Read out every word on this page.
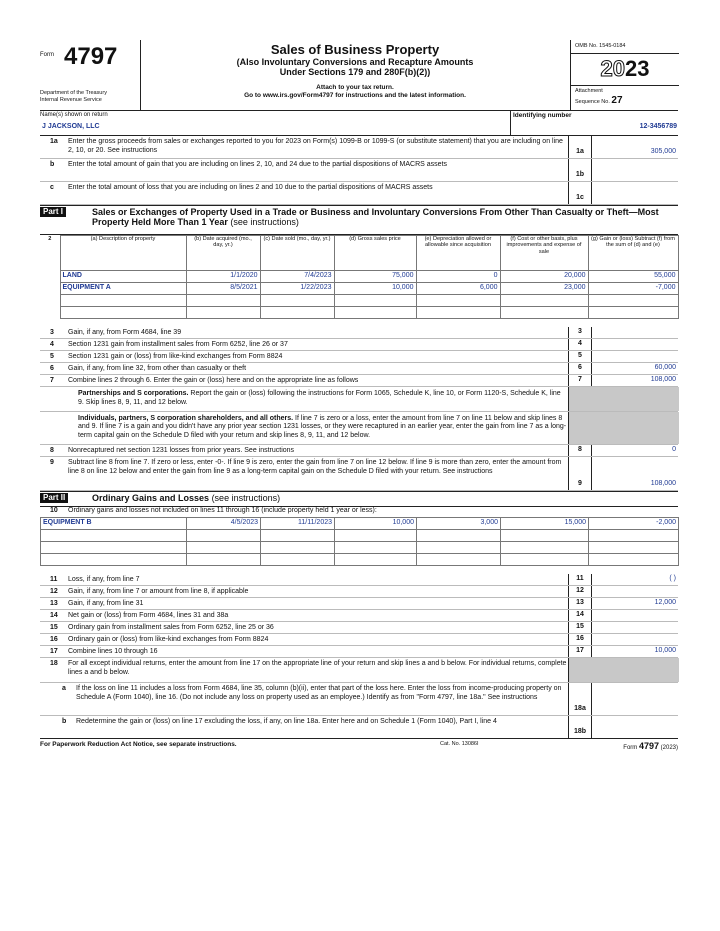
Form 4797
Department of the Treasury
Internal Revenue Service
Sales of Business Property
(Also Involuntary Conversions and Recapture Amounts
Under Sections 179 and 280F(b)(2))
Attach to your tax return.
Go to www.irs.gov/Form4797 for instructions and the latest information.
OMB No. 1545-0184
2023
Attachment
Sequence No. 27
Name(s) shown on return
J JACKSON, LLC
Identifying number
12-3456789
1a Enter the gross proceeds from sales or exchanges reported to you for 2023 on Form(s) 1099-B or 1099-S (or substitute statement) that you are including on line 2, 10, or 20. See instructions	1a	305,000
b Enter the total amount of gain that you are including on lines 2, 10, and 24 due to the partial dispositions of MACRS assets
1b
c Enter the total amount of loss that you are including on lines 2 and 10 due to the partial dispositions of MACRS assets
1c
Part I	Sales or Exchanges of Property Used in a Trade or Business and Involuntary Conversions From Other Than Casualty or Theft—Most Property Held More Than 1 Year (see instructions)
2	(a) Description of property	(b) Date acquired (mo., day, yr.)	(c) Date sold (mo., day, yr.)	(d) Gross sales price	(e) Depreciation allowed or allowable since acquisition	(f) Cost or other basis, plus improvements and expense of sale	(g) Gain or (loss) Subtract (f) from the sum of (d) and (e)
	LAND	1/1/2020	7/4/2023	75,000	0	20,000	55,000
	EQUIPMENT A	8/5/2021	1/22/2023	10,000	6,000	23,000	-7,000

3 Gain, if any, from Form 4684, line 39	3
4 Section 1231 gain from installment sales from Form 6252, line 26 or 37	4
5 Section 1231 gain or (loss) from like-kind exchanges from Form 8824	5
6 Gain, if any, from line 32, from other than casualty or theft	6	60,000
7 Combine lines 2 through 6. Enter the gain or (loss) here and on the appropriate line as follows	7	108,000
Partnerships and S corporations. Report the gain or (loss) following the instructions for Form 1065, Schedule K, line 10, or Form 1120-S, Schedule K, line 9. Skip lines 8, 9, 11, and 12 below.
Individuals, partners, S corporation shareholders, and all others. If line 7 is zero or a loss, enter the amount from line 7 on line 11 below and skip lines 8 and 9. If line 7 is a gain and you didn't have any prior year section 1231 losses, or they were recaptured in an earlier year, enter the gain from line 7 as a long-term capital gain on the Schedule D filed with your return and skip lines 8, 9, 11, and 12 below.
8 Nonrecaptured net section 1231 losses from prior years. See instructions	8	0
9 Subtract line 8 from line 7. If zero or less, enter -0-. If line 9 is zero, enter the gain from line 7 on line 12 below. If line 9 is more than zero, enter the amount from line 8 on line 12 below and enter the gain from line 9 as a long-term capital gain on the Schedule D filed with your return. See instructions
9	108,000
Part II	Ordinary Gains and Losses (see instructions)
10 Ordinary gains and losses not included on lines 11 through 16 (include property held 1 year or less):
EQUIPMENT B	4/5/2023	11/11/2023	10,000	3,000	15,000	-2,000

11 Loss, if any, from line 7	11	( )
12 Gain, if any, from line 7 or amount from line 8, if applicable	12
13 Gain, if any, from line 31	13	12,000
14 Net gain or (loss) from Form 4684, lines 31 and 38a	14
15 Ordinary gain from installment sales from Form 6252, line 25 or 36	15
16 Ordinary gain or (loss) from like-kind exchanges from Form 8824	16
17 Combine lines 10 through 16	17	10,000
18 For all except individual returns, enter the amount from line 17 on the appropriate line of your return and skip lines a and b below. For individual returns, complete lines a and b below.
a If the loss on line 11 includes a loss from Form 4684, line 35, column (b)(ii), enter that part of the loss here. Enter the loss from income-producing property on Schedule A (Form 1040), line 16. (Do not include any loss on property used as an employee.) Identify as from "Form 4797, line 18a." See instructions
18a
b Redetermine the gain or (loss) on line 17 excluding the loss, if any, on line 18a. Enter here and on Schedule 1 (Form 1040), Part I, line 4
18b
For Paperwork Reduction Act Notice, see separate instructions.	Cat. No. 13086I
Form 4797 (2023)
